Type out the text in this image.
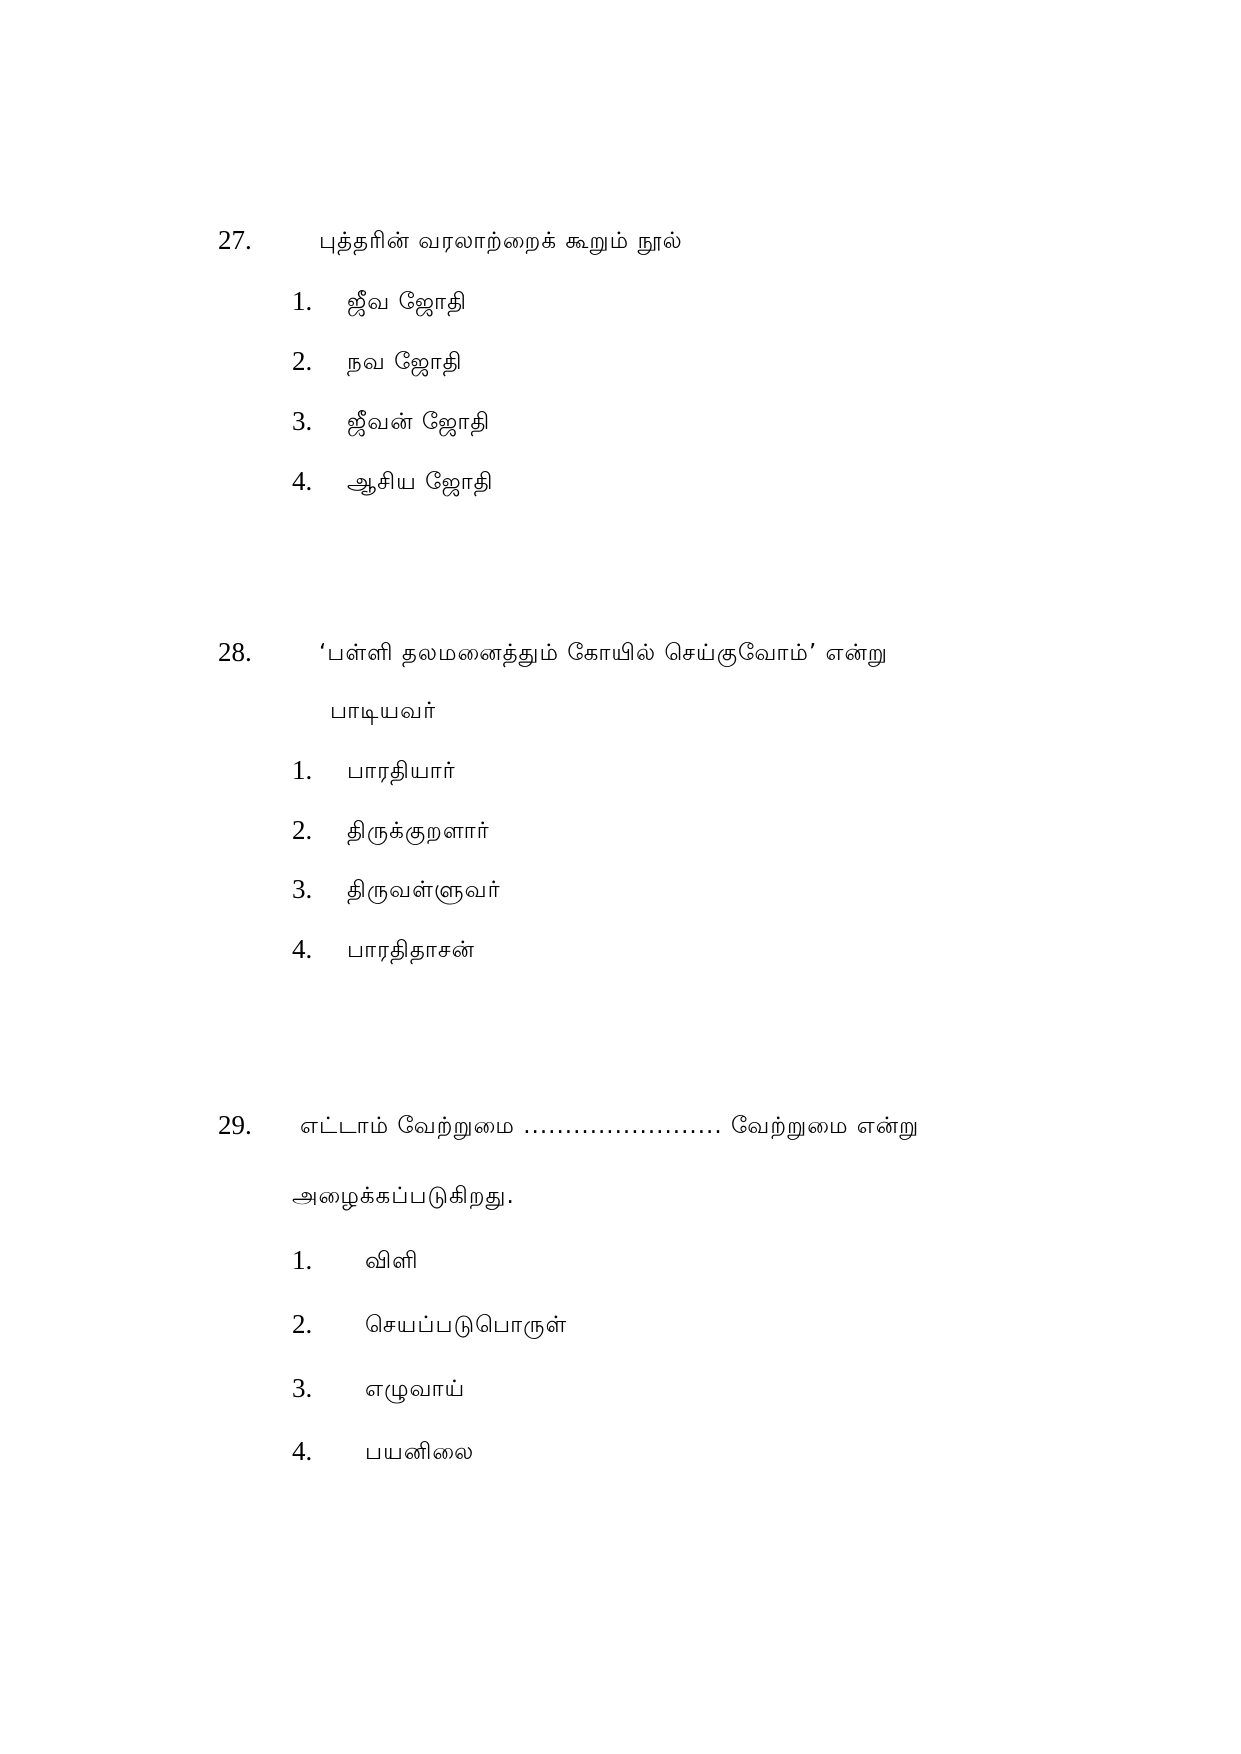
27.	புத்தரின் வரலாற்றைக் கூறும் நூல்
1. ஜீவ ஜோதி
2. நவ ஜோதி
3. ஜீவன் ஜோதி
4. ஆசிய ஜோதி
28.	‘பள்ளி தலமனைத்தும் கோயில் செய்குவோம்’ என்று
பாடியவர்
1. பாரதியார்
2. திருக்குறளார்
3. திருவள்ளுவர்
4. பாரதிதாசன்
29. எட்டாம் வேற்றுமை ........................ வேற்றுமை என்று
அழைக்கப்படுகிறது.
1. விளி
2. செயப்படுபொருள்
3. எழுவாய்
4. பயனிலை
